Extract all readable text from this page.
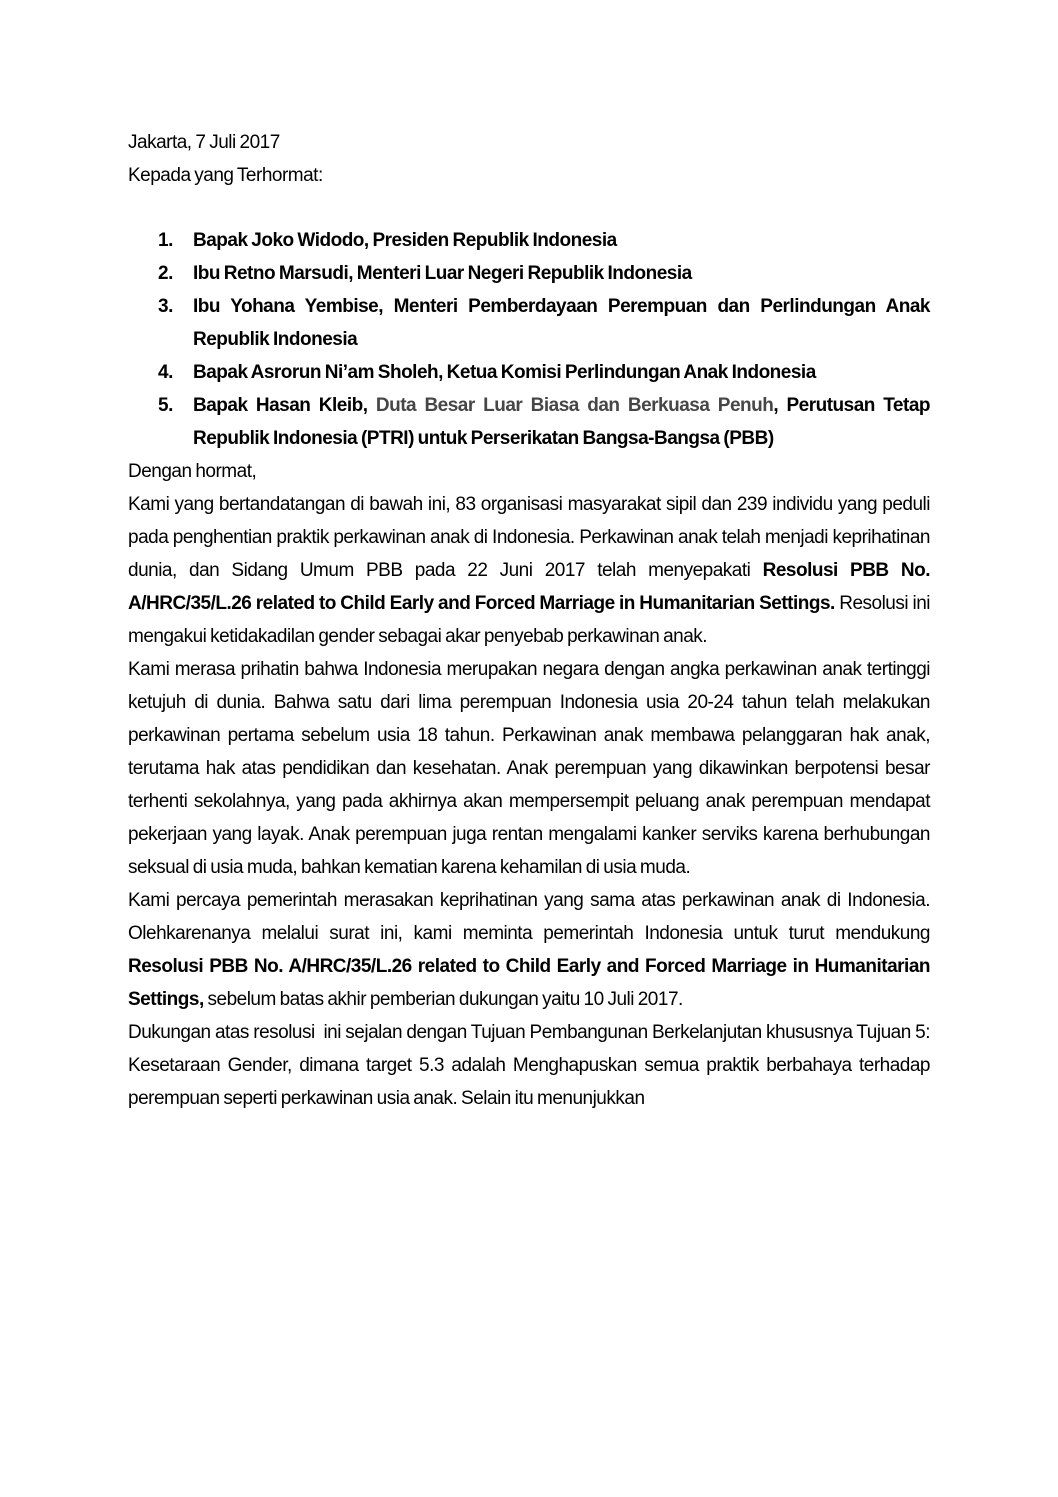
Jakarta, 7 Juli 2017

Kepada yang Terhormat:

1. Bapak Joko Widodo, Presiden Republik Indonesia
2. Ibu Retno Marsudi, Menteri Luar Negeri Republik Indonesia
3. Ibu Yohana Yembise, Menteri Pemberdayaan Perempuan dan Perlindungan Anak Republik Indonesia
4. Bapak Asrorun Ni’am Sholeh, Ketua Komisi Perlindungan Anak Indonesia
5. Bapak Hasan Kleib, Duta Besar Luar Biasa dan Berkuasa Penuh, Perutusan Tetap Republik Indonesia (PTRI) untuk Perserikatan Bangsa-Bangsa (PBB)

Dengan hormat,

Kami yang bertandatangan di bawah ini, 83 organisasi masyarakat sipil dan 239 individu yang peduli pada penghentian praktik perkawinan anak di Indonesia. Perkawinan anak telah menjadi keprihatinan dunia, dan Sidang Umum PBB pada 22 Juni 2017 telah menyepakati Resolusi PBB No. A/HRC/35/L.26 related to Child Early and Forced Marriage in Humanitarian Settings. Resolusi ini mengakui ketidakadilan gender sebagai akar penyebab perkawinan anak.

Kami merasa prihatin bahwa Indonesia merupakan negara dengan angka perkawinan anak tertinggi ketujuh di dunia. Bahwa satu dari lima perempuan Indonesia usia 20-24 tahun telah melakukan perkawinan pertama sebelum usia 18 tahun. Perkawinan anak membawa pelanggaran hak anak, terutama hak atas pendidikan dan kesehatan. Anak perempuan yang dikawinkan berpotensi besar terhenti sekolahnya, yang pada akhirnya akan mempersempit peluang anak perempuan mendapat pekerjaan yang layak. Anak perempuan juga rentan mengalami kanker serviks karena berhubungan seksual di usia muda, bahkan kematian karena kehamilan di usia muda.

Kami percaya pemerintah merasakan keprihatinan yang sama atas perkawinan anak di Indonesia. Olehkarenanya melalui surat ini, kami meminta pemerintah Indonesia untuk turut mendukung Resolusi PBB No. A/HRC/35/L.26 related to Child Early and Forced Marriage in Humanitarian Settings, sebelum batas akhir pemberian dukungan yaitu 10 Juli 2017.

Dukungan atas resolusi  ini sejalan dengan Tujuan Pembangunan Berkelanjutan khususnya Tujuan 5: Kesetaraan Gender, dimana target 5.3 adalah Menghapuskan semua praktik berbahaya terhadap perempuan seperti perkawinan usia anak. Selain itu menunjukkan
